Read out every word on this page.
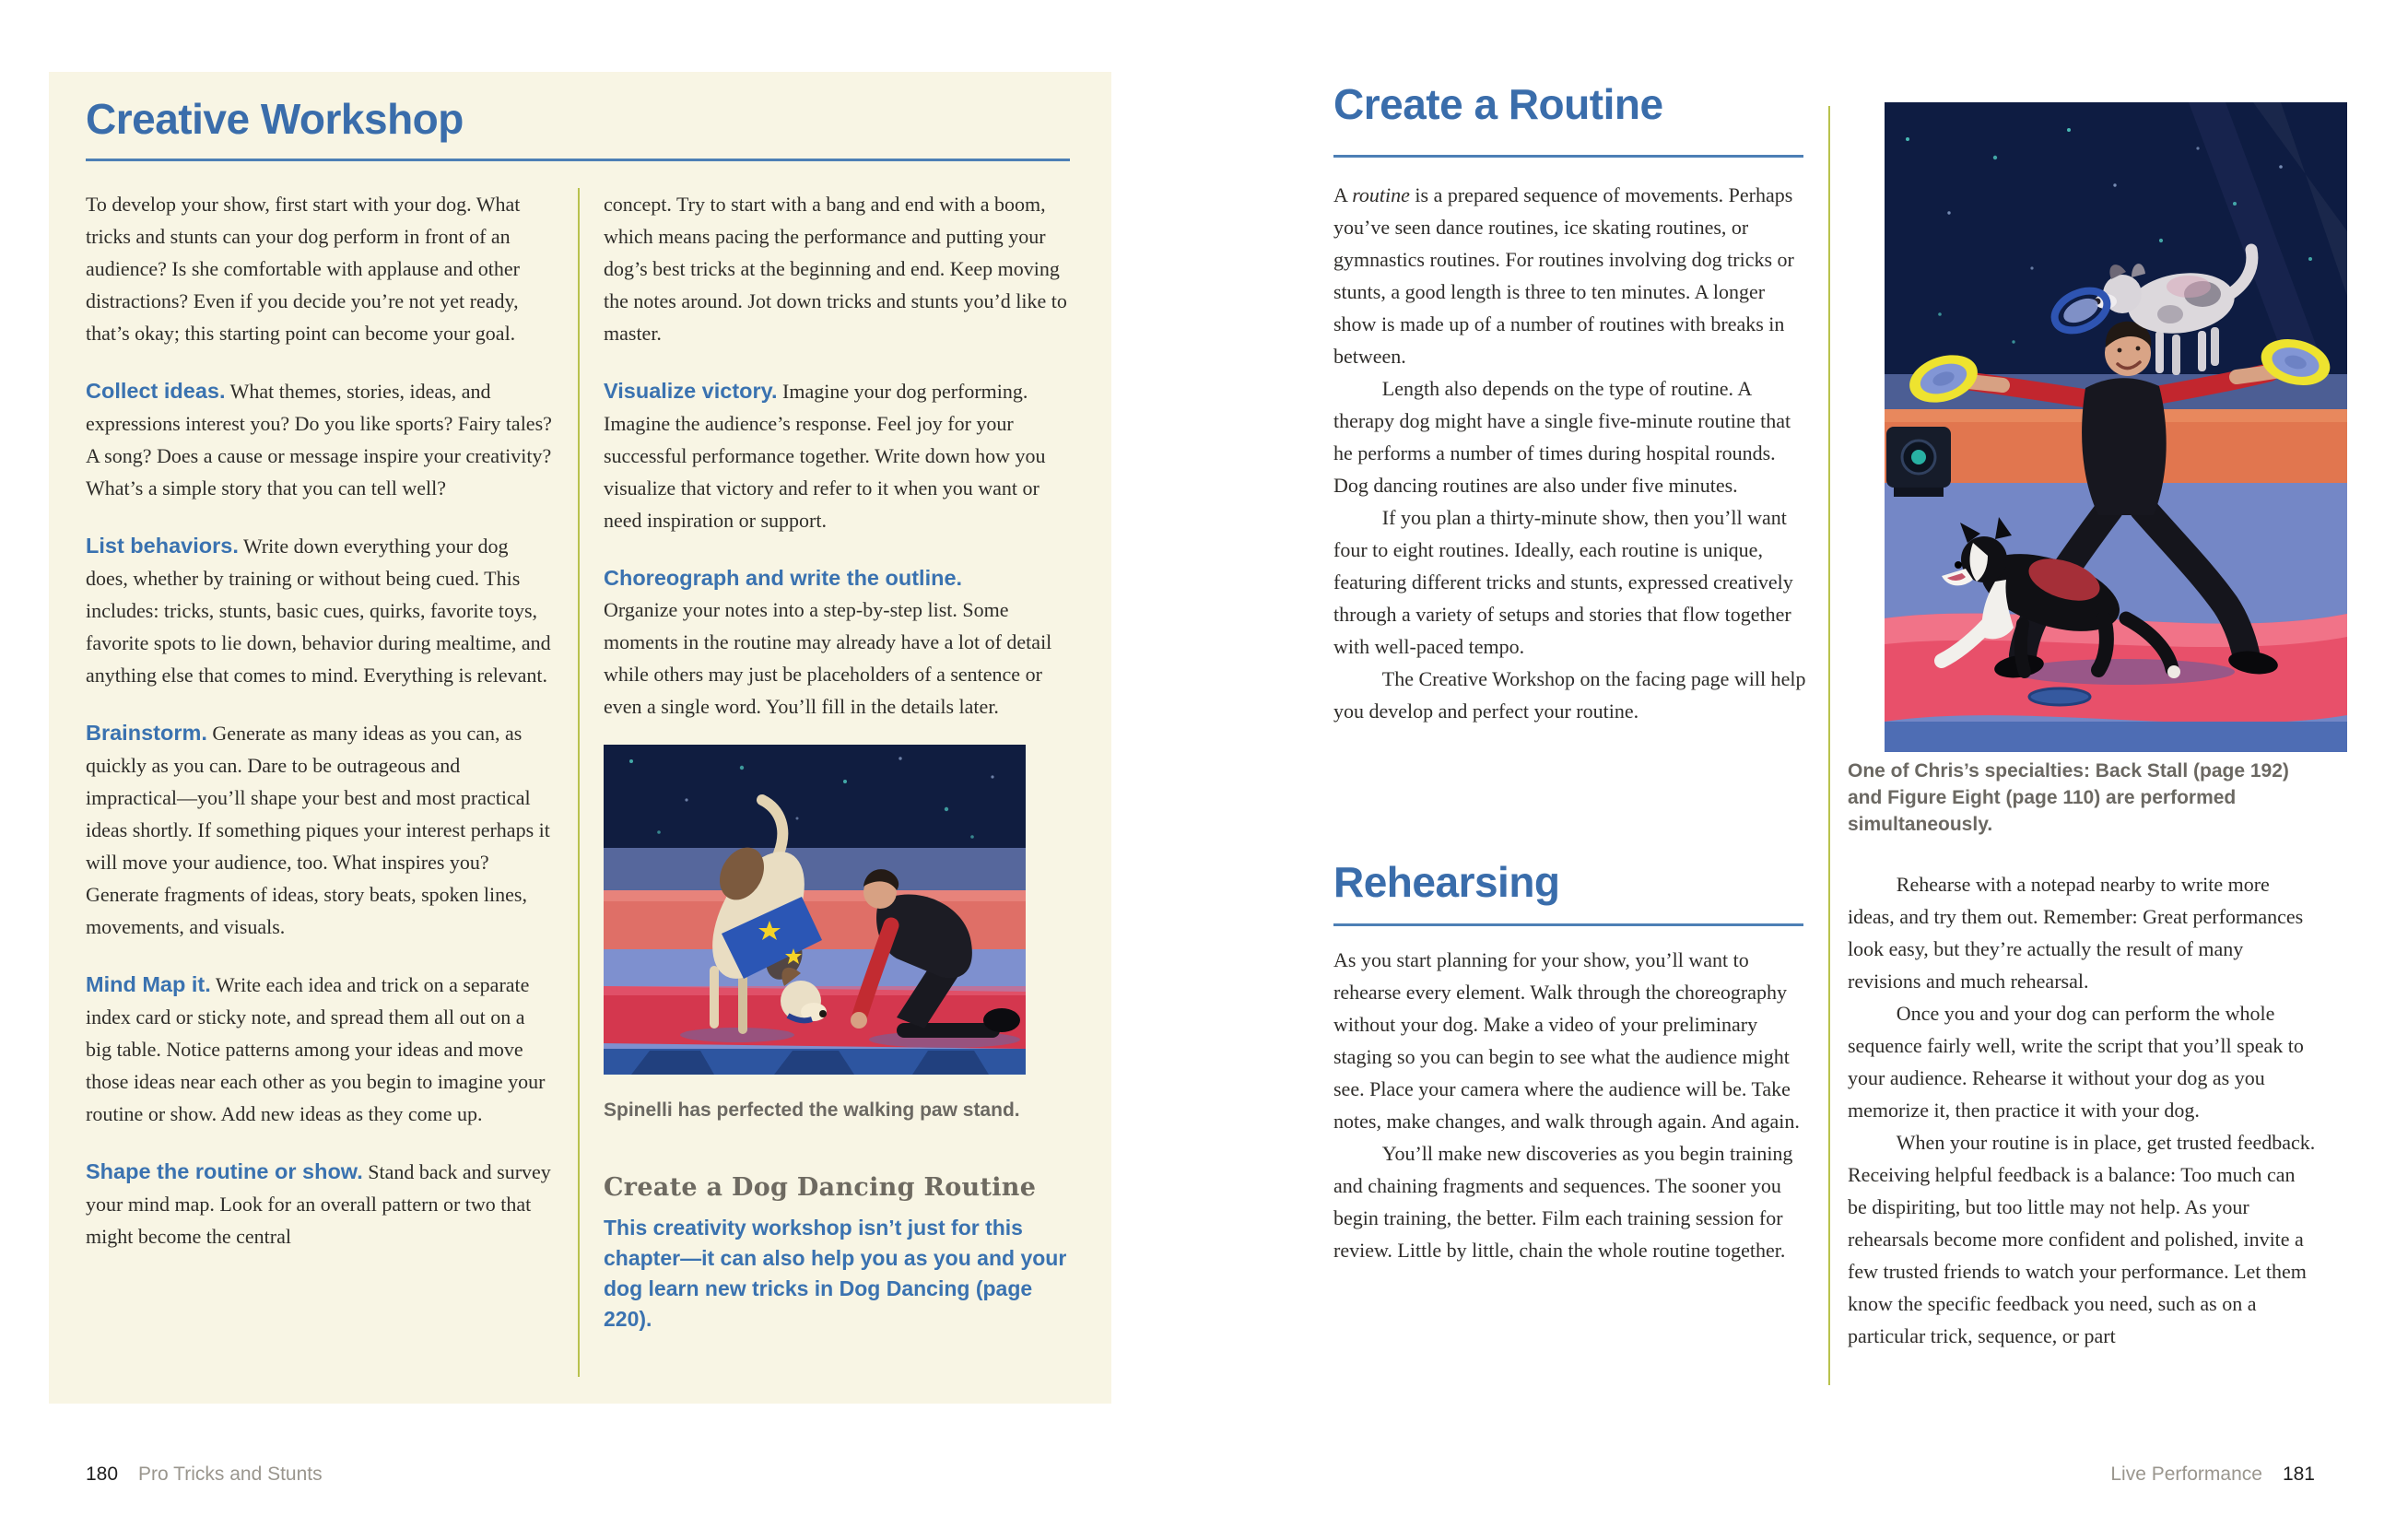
Creative Workshop

To develop your show, first start with your dog. What tricks and stunts can your dog perform in front of an audience? Is she comfortable with applause and other distractions? Even if you decide you’re not yet ready, that’s okay; this starting point can become your goal.

Collect ideas. What themes, stories, ideas, and expressions interest you? Do you like sports? Fairy tales? A song? Does a cause or message inspire your creativity? What’s a simple story that you can tell well?

List behaviors. Write down everything your dog does, whether by training or without being cued. This includes: tricks, stunts, basic cues, quirks, favorite toys, favorite spots to lie down, behavior during mealtime, and anything else that comes to mind. Everything is relevant.

Brainstorm. Generate as many ideas as you can, as quickly as you can. Dare to be outrageous and impractical—you’ll shape your best and most practical ideas shortly. If something piques your interest perhaps it will move your audience, too. What inspires you? Generate fragments of ideas, story beats, spoken lines, movements, and visuals.

Mind Map it. Write each idea and trick on a separate index card or sticky note, and spread them all out on a big table. Notice patterns among your ideas and move those ideas near each other as you begin to imagine your routine or show. Add new ideas as they come up.

Shape the routine or show. Stand back and survey your mind map. Look for an overall pattern or two that might become the central

concept. Try to start with a bang and end with a boom, which means pacing the performance and putting your dog’s best tricks at the beginning and end. Keep moving the notes around. Jot down tricks and stunts you’d like to master.

Visualize victory. Imagine your dog performing. Imagine the audience’s response. Feel joy for your successful performance together. Write down how you visualize that victory and refer to it when you want or need inspiration or support.

Choreograph and write the outline.
Organize your notes into a step-by-step list. Some moments in the routine may already have a lot of detail while others may just be placeholders of a sentence or even a single word. You’ll fill in the details later.

Spinelli has perfected the walking paw stand.
Create a Dog Dancing Routine

This creativity workshop isn’t just for this chapter—it can also help you as you and your dog learn new tricks in Dog Dancing (page 220).

180 Pro Tricks and Stunts
Create a Routine

A routine is a prepared sequence of movements. Perhaps you’ve seen dance routines, ice skating routines, or gymnastics routines. For routines involving dog tricks or stunts, a good length is three to ten minutes. A longer show is made up of a number of routines with breaks in between.

Length also depends on the type of routine. A therapy dog might have a single five-minute routine that he performs a number of times during hospital rounds. Dog dancing routines are also under five minutes.

If you plan a thirty-minute show, then you’ll want four to eight routines. Ideally, each routine is unique, featuring different tricks and stunts, expressed creatively through a variety of setups and stories that flow together with well-paced tempo.

The Creative Workshop on the facing page will help you develop and perfect your routine.

Rehearsing

As you start planning for your show, you’ll want to rehearse every element. Walk through the choreography without your dog. Make a video of your preliminary staging so you can begin to see what the audience might see. Place your camera where the audience will be. Take notes, make changes, and walk through again. And again.

You’ll make new discoveries as you begin training and chaining fragments and sequences. The sooner you begin training, the better. Film each training session for review. Little by little, chain the whole routine together.

One of Chris’s specialties: Back Stall (page 192) and Figure Eight (page 110) are performed simultaneously.

Rehearse with a notepad nearby to write more ideas, and try them out. Remember: Great performances look easy, but they’re actually the result of many revisions and much rehearsal.

Once you and your dog can perform the whole sequence fairly well, write the script that you’ll speak to your audience. Rehearse it without your dog as you memorize it, then practice it with your dog.

When your routine is in place, get trusted feedback. Receiving helpful feedback is a balance: Too much can be dispiriting, but too little may not help. As your rehearsals become more confident and polished, invite a few trusted friends to watch your performance. Let them know the specific feedback you need, such as on a particular trick, sequence, or part

Live Performance 181
